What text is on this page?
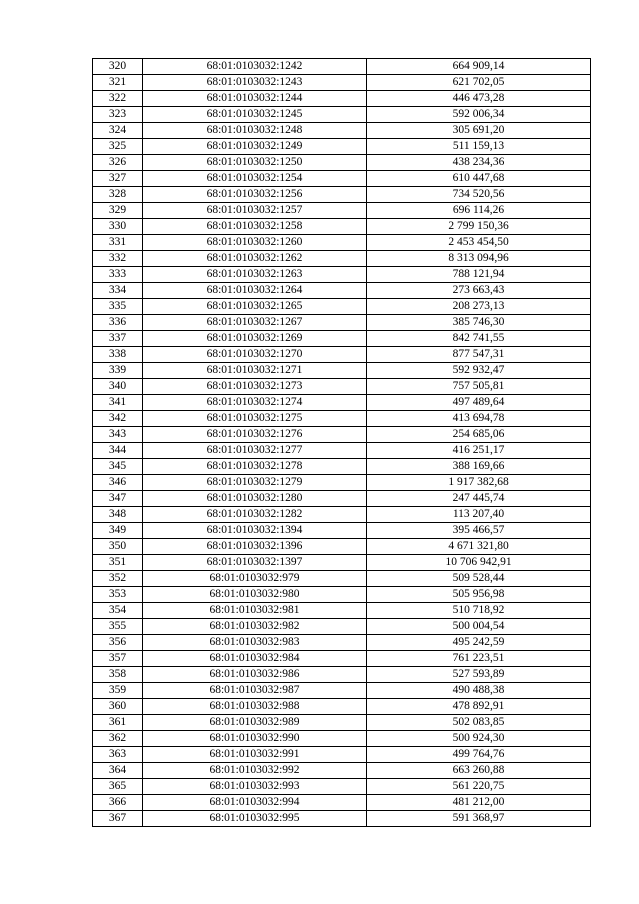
320	68:01:0103032:1242	664 909,14
321	68:01:0103032:1243	621 702,05
322	68:01:0103032:1244	446 473,28
323	68:01:0103032:1245	592 006,34
324	68:01:0103032:1248	305 691,20
325	68:01:0103032:1249	511 159,13
326	68:01:0103032:1250	438 234,36
327	68:01:0103032:1254	610 447,68
328	68:01:0103032:1256	734 520,56
329	68:01:0103032:1257	696 114,26
330	68:01:0103032:1258	2 799 150,36
331	68:01:0103032:1260	2 453 454,50
332	68:01:0103032:1262	8 313 094,96
333	68:01:0103032:1263	788 121,94
334	68:01:0103032:1264	273 663,43
335	68:01:0103032:1265	208 273,13
336	68:01:0103032:1267	385 746,30
337	68:01:0103032:1269	842 741,55
338	68:01:0103032:1270	877 547,31
339	68:01:0103032:1271	592 932,47
340	68:01:0103032:1273	757 505,81
341	68:01:0103032:1274	497 489,64
342	68:01:0103032:1275	413 694,78
343	68:01:0103032:1276	254 685,06
344	68:01:0103032:1277	416 251,17
345	68:01:0103032:1278	388 169,66
346	68:01:0103032:1279	1 917 382,68
347	68:01:0103032:1280	247 445,74
348	68:01:0103032:1282	113 207,40
349	68:01:0103032:1394	395 466,57
350	68:01:0103032:1396	4 671 321,80
351	68:01:0103032:1397	10 706 942,91
352	68:01:0103032:979	509 528,44
353	68:01:0103032:980	505 956,98
354	68:01:0103032:981	510 718,92
355	68:01:0103032:982	500 004,54
356	68:01:0103032:983	495 242,59
357	68:01:0103032:984	761 223,51
358	68:01:0103032:986	527 593,89
359	68:01:0103032:987	490 488,38
360	68:01:0103032:988	478 892,91
361	68:01:0103032:989	502 083,85
362	68:01:0103032:990	500 924,30
363	68:01:0103032:991	499 764,76
364	68:01:0103032:992	663 260,88
365	68:01:0103032:993	561 220,75
366	68:01:0103032:994	481 212,00
367	68:01:0103032:995	591 368,97
